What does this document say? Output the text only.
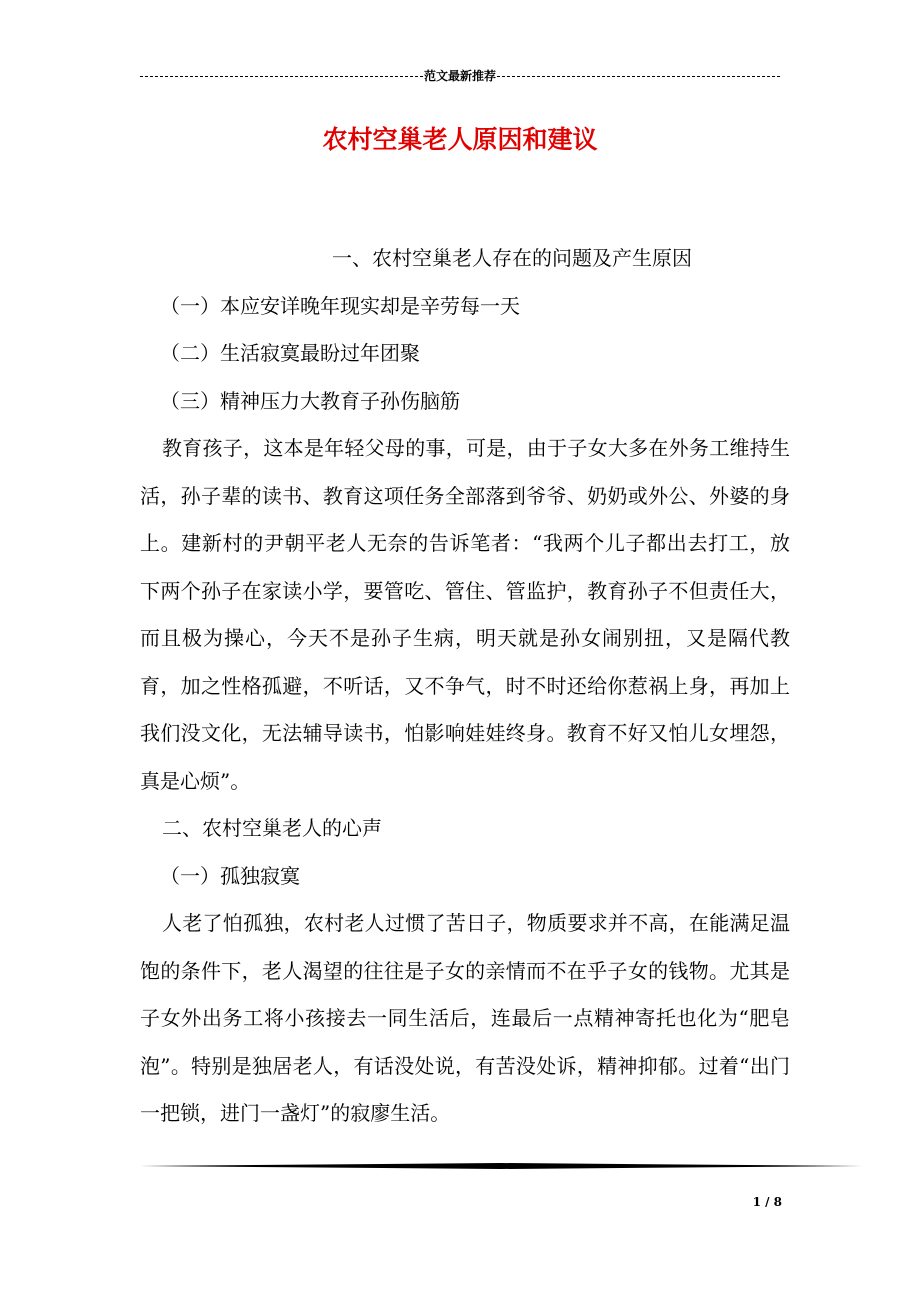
范文最新推荐
农村空巢老人原因和建议

一、农村空巢老人存在的问题及产生原因

（一）本应安详晚年现实却是辛劳每一天

（二）生活寂寞最盼过年团聚

（三）精神压力大教育子孙伤脑筋

教育孩子，这本是年轻父母的事，可是，由于子女大多在外务工维持生活，孙子辈的读书、教育这项任务全部落到爷爷、奶奶或外公、外婆的身上。建新村的尹朝平老人无奈的告诉笔者：“我两个儿子都出去打工，放下两个孙子在家读小学，要管吃、管住、管监护，教育孙子不但责任大，而且极为操心，今天不是孙子生病，明天就是孙女闹别扭，又是隔代教育，加之性格孤避，不听话，又不争气，时不时还给你惹祸上身，再加上我们没文化，无法辅导读书，怕影响娃娃终身。教育不好又怕儿女埋怨，真是心烦”。

二、农村空巢老人的心声

（一）孤独寂寞

人老了怕孤独，农村老人过惯了苦日子，物质要求并不高，在能满足温饱的条件下，老人渴望的往往是子女的亲情而不在乎子女的钱物。尤其是子女外出务工将小孩接去一同生活后，连最后一点精神寄托也化为“肥皂泡”。特别是独居老人，有话没处说，有苦没处诉，精神抑郁。过着“出门一把锁，进门一盏灯”的寂廖生活。

1 / 8
